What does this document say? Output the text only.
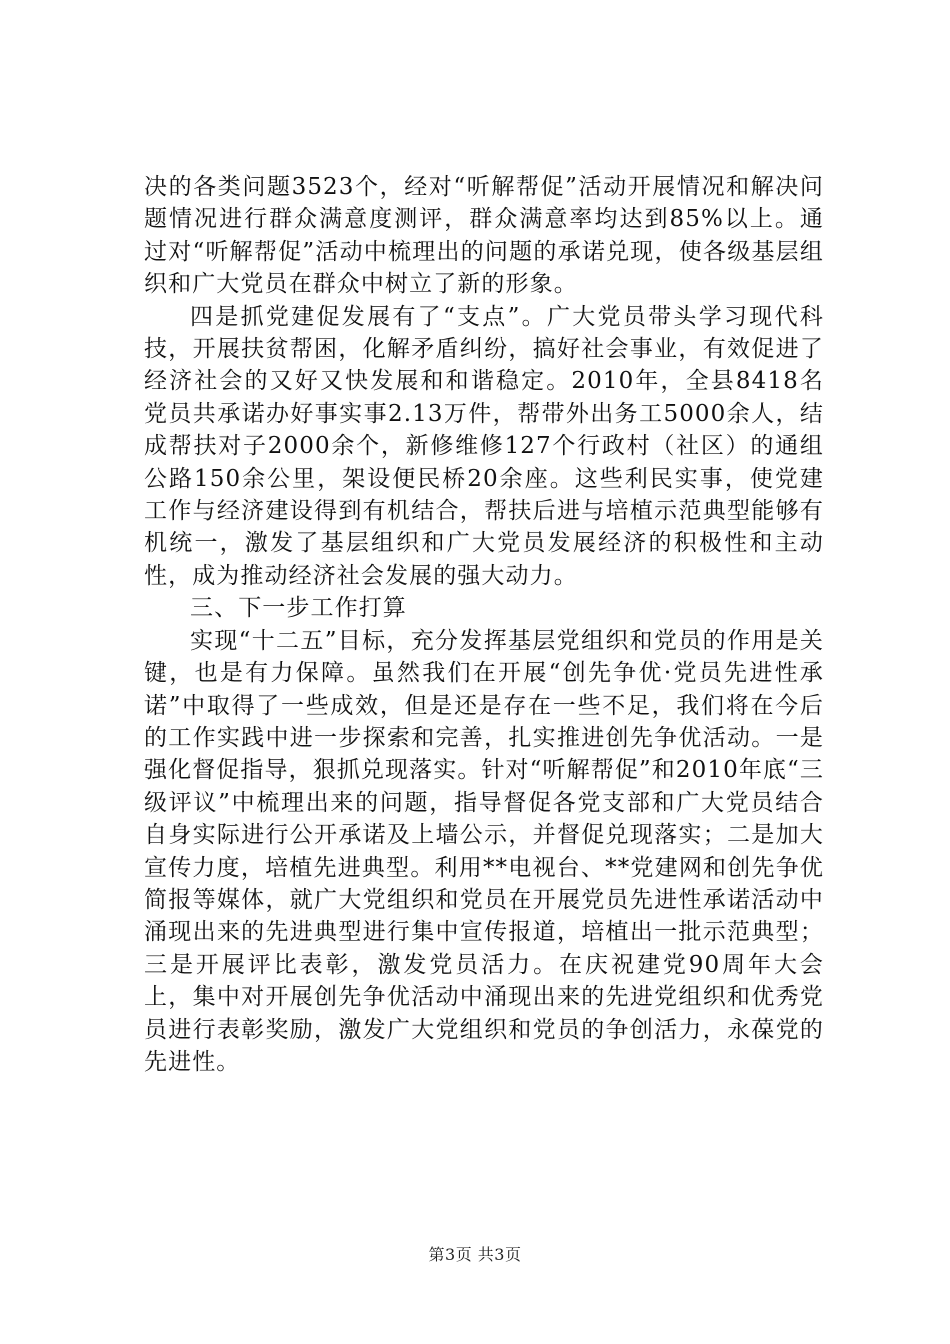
决的各类问题3523个，经对“听解帮促”活动开展情况和解决问题情况进行群众满意度测评，群众满意率均达到85%以上。通过对“听解帮促”活动中梳理出的问题的承诺兑现，使各级基层组织和广大党员在群众中树立了新的形象。

四是抓党建促发展有了“支点”。广大党员带头学习现代科技，开展扶贫帮困，化解矛盾纠纷，搞好社会事业，有效促进了经济社会的又好又快发展和和谐稳定。2010年，全县8418名党员共承诺办好事实事2.13万件，帮带外出务工5000余人，结成帮扶对子2000余个，新修维修127个行政村（社区）的通组公路150余公里，架设便民桥20余座。这些利民实事，使党建工作与经济建设得到有机结合，帮扶后进与培植示范典型能够有机统一，激发了基层组织和广大党员发展经济的积极性和主动性，成为推动经济社会发展的强大动力。

三、下一步工作打算

实现“十二五”目标，充分发挥基层党组织和党员的作用是关键，也是有力保障。虽然我们在开展“创先争优·党员先进性承诺”中取得了一些成效，但是还是存在一些不足，我们将在今后的工作实践中进一步探索和完善，扎实推进创先争优活动。一是强化督促指导，狠抓兑现落实。针对“听解帮促”和2010年底“三级评议”中梳理出来的问题，指导督促各党支部和广大党员结合自身实际进行公开承诺及上墙公示，并督促兑现落实；二是加大宣传力度，培植先进典型。利用**电视台、**党建网和创先争优简报等媒体，就广大党组织和党员在开展党员先进性承诺活动中涌现出来的先进典型进行集中宣传报道，培植出一批示范典型；三是开展评比表彰，激发党员活力。在庆祝建党90周年大会上，集中对开展创先争优活动中涌现出来的先进党组织和优秀党员进行表彰奖励，激发广大党组织和党员的争创活力，永葆党的先进性。

第3页 共3页
